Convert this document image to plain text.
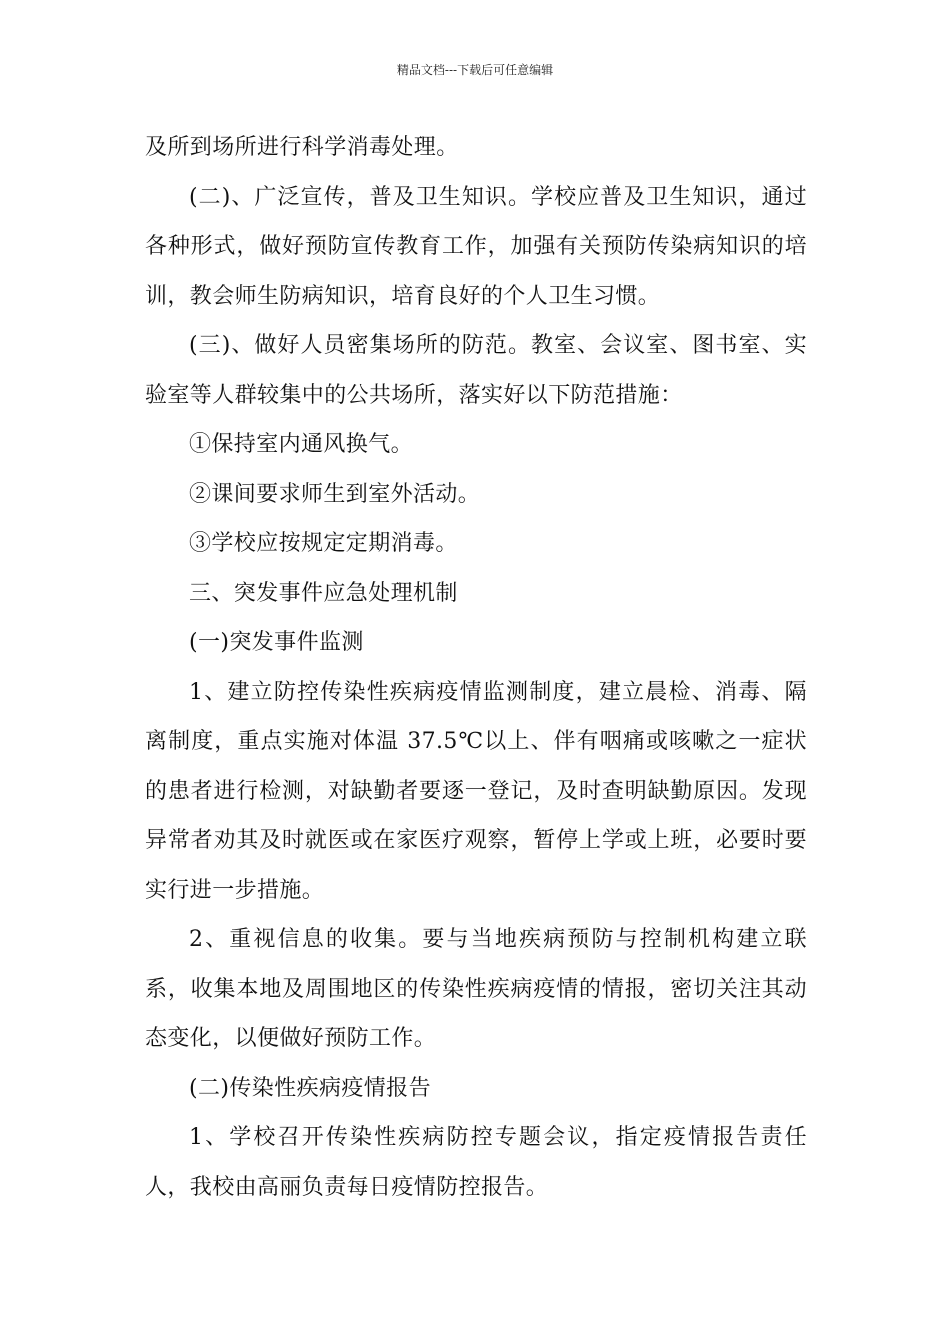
精品文档---下载后可任意编辑

及所到场所进行科学消毒处理。

(二)、广泛宣传，普及卫生知识。学校应普及卫生知识，通过各种形式，做好预防宣传教育工作，加强有关预防传染病知识的培训，教会师生防病知识，培育良好的个人卫生习惯。

(三)、做好人员密集场所的防范。教室、会议室、图书室、实验室等人群较集中的公共场所，落实好以下防范措施：

①保持室内通风换气。

②课间要求师生到室外活动。

③学校应按规定定期消毒。

三、突发事件应急处理机制

(一)突发事件监测

1、建立防控传染性疾病疫情监测制度，建立晨检、消毒、隔离制度，重点实施对体温 37.5℃以上、伴有咽痛或咳嗽之一症状的患者进行检测，对缺勤者要逐一登记，及时查明缺勤原因。发现异常者劝其及时就医或在家医疗观察，暂停上学或上班，必要时要实行进一步措施。

2、重视信息的收集。要与当地疾病预防与控制机构建立联系，收集本地及周围地区的传染性疾病疫情的情报，密切关注其动态变化，以便做好预防工作。

(二)传染性疾病疫情报告

1、学校召开传染性疾病防控专题会议，指定疫情报告责任人，我校由高丽负责每日疫情防控报告。
